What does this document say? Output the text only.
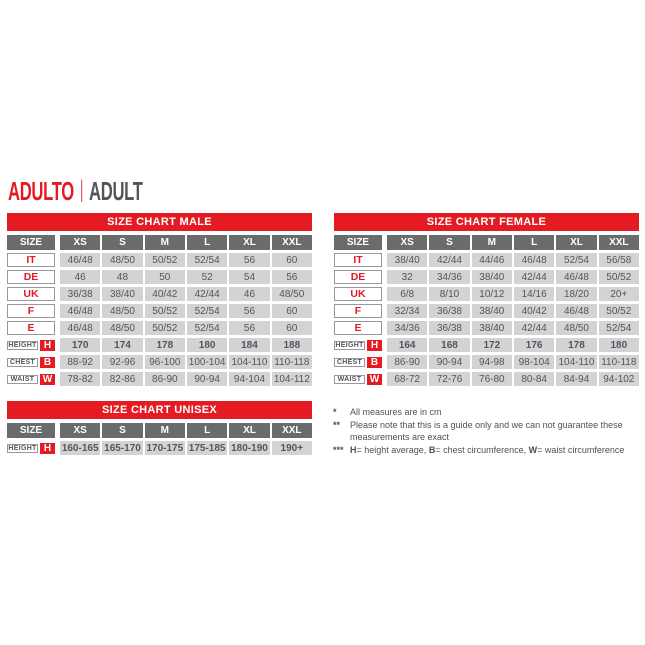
ADULTO | ADULT
SIZE CHART MALE
SIZE	XS	S	M	L	XL	XXL
IT	46/48	48/50	50/52	52/54	56	60
DE	46	48	50	52	54	56
UK	36/38	38/40	40/42	42/44	46	48/50
F	46/48	48/50	50/52	52/54	56	60
E	46/48	48/50	50/52	52/54	56	60
HEIGHT H	170	174	178	180	184	188
CHEST B	88-92	92-96	96-100 100-104 104-110 110-118
WAIST W	78-82	82-86	86-90	90-94	94-104 104-112
SIZE CHART FEMALE
SIZE	XS	S	M	L	XL	XXL
IT	38/40	42/44	44/46	46/48	52/54	56/58
DE	32	34/36	38/40	42/44	46/48	50/52
UK	6/8	8/10	10/12	14/16	18/20	20+
F	32/34	36/38	38/40	40/42	46/48	50/52
E	34/36	36/38	38/40	42/44	48/50	52/54
HEIGHT H	164	168	172	176	178	180
CHEST B	86-90	90-94	94-98	98-104 104-110 110-118
WAIST W	68-72	72-76	76-80	80-84	84-94	94-102
SIZE CHART UNISEX
SIZE	XS	S	M	L	XL	XXL
HEIGHT H	160-165 165-170 170-175 175-185 180-190	190+
*	All measures are in cm
**	Please note that this is a guide only and we can not guarantee these measurements are exact
*** H= height average, B= chest circumference, W= waist circumference
